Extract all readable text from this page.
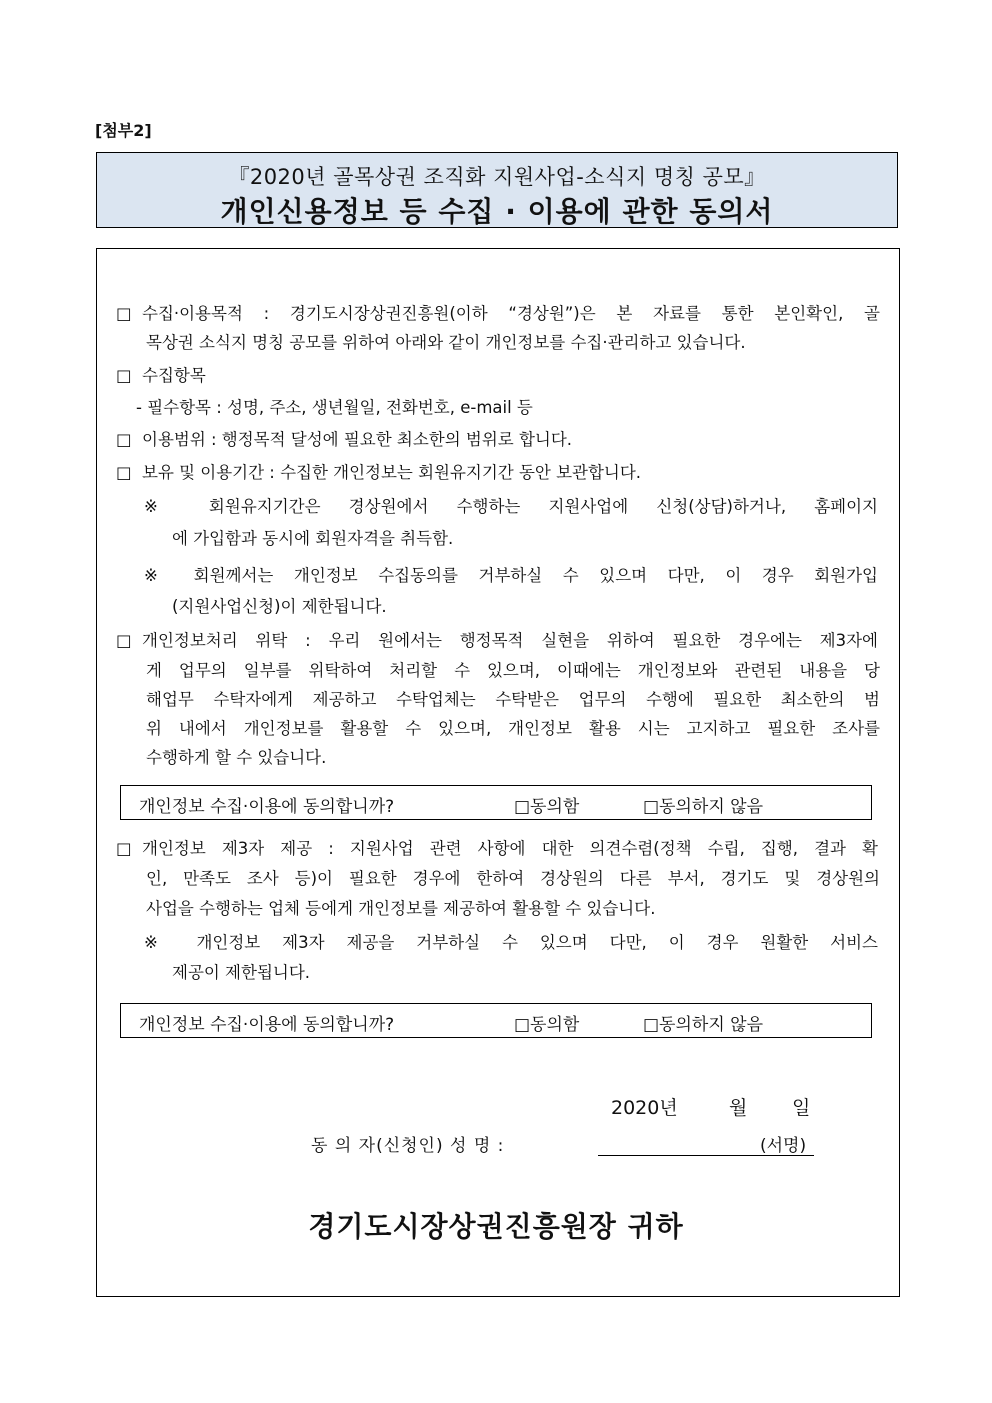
[첨부2]
『2020년 골목상권 조직화 지원사업-소식지 명칭 공모』
개인신용정보 등 수집 · 이용에 관한 동의서
□ 수집·이용목적 : 경기도시장상권진흥원(이하 “경상원”)은 본 자료를 통한 본인확인, 골
목상권 소식지 명칭 공모를 위하여 아래와 같이 개인정보를 수집·관리하고 있습니다.
□ 수집항목
- 필수항목 : 성명, 주소, 생년월일, 전화번호, e-mail 등
□ 이용범위 : 행정목적 달성에 필요한 최소한의 범위로 합니다.
□ 보유 및 이용기간 : 수집한 개인정보는 회원유지기간 동안 보관합니다.
※ 회원유지기간은 경상원에서 수행하는 지원사업에 신청(상담)하거나, 홈페이지
에 가입함과 동시에 회원자격을 취득함.
※ 회원께서는 개인정보 수집동의를 거부하실 수 있으며 다만, 이 경우 회원가입
(지원사업신청)이 제한됩니다.
□ 개인정보처리 위탁 : 우리 원에서는 행정목적 실현을 위하여 필요한 경우에는 제3자에
게 업무의 일부를 위탁하여 처리할 수 있으며, 이때에는 개인정보와 관련된 내용을 당
해업무 수탁자에게 제공하고 수탁업체는 수탁받은 업무의 수행에 필요한 최소한의 범
위 내에서 개인정보를 활용할 수 있으며, 개인정보 활용 시는 고지하고 필요한 조사를
수행하게 할 수 있습니다.
개인정보 수집·이용에 동의합니까?	□동의함	□동의하지 않음
□ 개인정보 제3자 제공 : 지원사업 관련 사항에 대한 의견수렴(정책 수립, 집행, 결과 확
인, 만족도 조사 등)이 필요한 경우에 한하여 경상원의 다른 부서, 경기도 및 경상원의
사업을 수행하는 업체 등에게 개인정보를 제공하여 활용할 수 있습니다.
※ 개인정보 제3자 제공을 거부하실 수 있으며 다만, 이 경우 원활한 서비스
제공이 제한됩니다.
개인정보 수집·이용에 동의합니까?	□동의함	□동의하지 않음
2020년	월 일
동 의 자(신청인) 성 명 :	(서명)
경기도시장상권진흥원장 귀하
